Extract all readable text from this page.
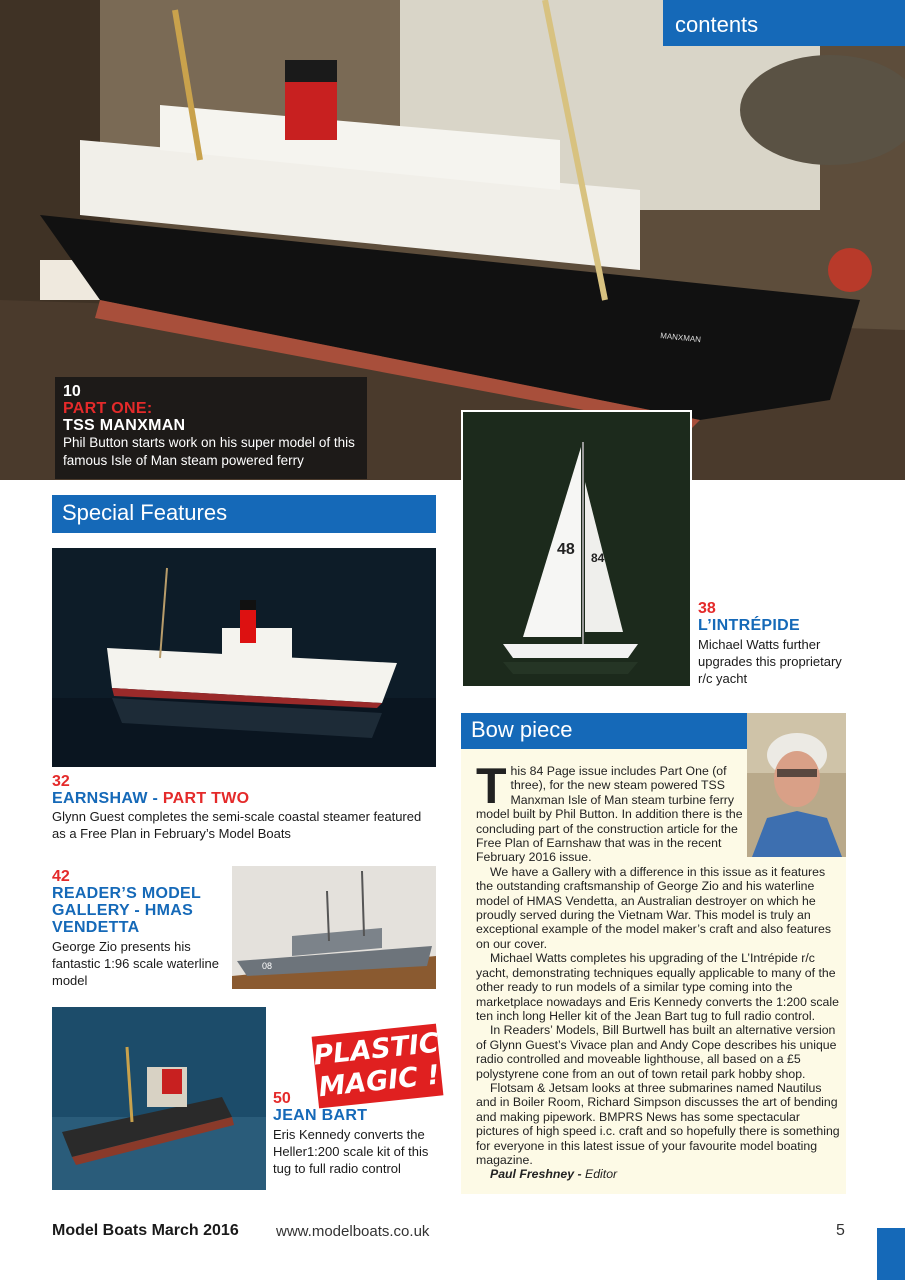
MANXMAN
contents
10
PART ONE:
TSS MANXMAN
Phil Button starts work on his super model of this famous Isle of Man steam powered ferry
Special Features
32
EARNSHAW - PART TWO
Glynn Guest completes the semi-scale coastal steamer featured as a Free Plan in February’s Model Boats
42
READER’S MODEL GALLERY - HMAS VENDETTA
George Zio presents his fantastic 1:96 scale waterline model
08
PLASTIC
MAGIC !
50
JEAN BART
Eris Kennedy converts the Heller1:200 scale kit of this tug to full radio control
48 84
38
L’INTRÉPIDE
Michael Watts further upgrades this proprietary r/c yacht
Bow piece
T his 84 Page issue includes Part One (of three), for the new steam powered TSS Manxman Isle of Man steam turbine ferry model built by Phil Button. In addition there is the concluding part of the construction article for the Free Plan of Earnshaw that was in the recent February 2016 issue.

We have a Gallery with a difference in this issue as it features the outstanding craftsmanship of George Zio and his waterline model of HMAS Vendetta, an Australian destroyer on which he proudly served during the Vietnam War. This model is truly an exceptional example of the model maker’s craft and also features on our cover.

Michael Watts completes his upgrading of the L’Intrépide r/c yacht, demonstrating techniques equally applicable to many of the other ready to run models of a similar type coming into the marketplace nowadays and Eris Kennedy converts the 1:200 scale ten inch long Heller kit of the Jean Bart tug to full radio control.

In Readers’ Models, Bill Burtwell has built an alternative version of Glynn Guest’s Vivace plan and Andy Cope describes his unique radio controlled and moveable lighthouse, all based on a £5 polystyrene cone from an out of town retail park hobby shop.

Flotsam & Jetsam looks at three submarines named Nautilus and in Boiler Room, Richard Simpson discusses the art of bending and making pipework. BMPRS News has some spectacular pictures of high speed i.c. craft and so hopefully there is something for everyone in this latest issue of your favourite model boating magazine.

Paul Freshney - Editor

Model Boats March 2016 www.modelboats.co.uk	5
